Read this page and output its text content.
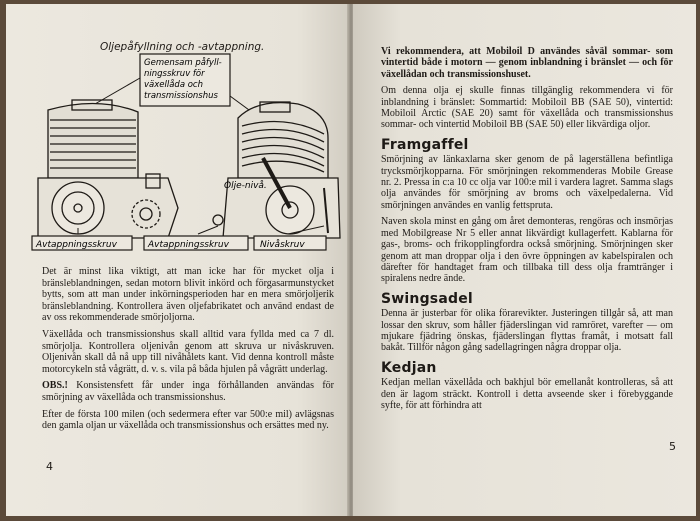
Oljepåfyllning och -avtappning.
Gemensam påfyll-
ningsskruv för
växellåda och
transmissionshus
Olje-nivå.
Avtappningsskruv	Avtappningsskruv	Nivåskruv

Det är minst lika viktigt, att man icke har för mycket olja i bränsleblandningen, sedan motorn blivit inkörd och förgasarmunstycket bytts, som att man under inkörningsperioden har en mera smörjoljerik bränsleblandning. Kontrollera även oljefabrikatet och använd endast de av oss rekommenderade smörjoljorna.

Växellåda och transmissionshus skall alltid vara fyllda med ca 7 dl. smörjolja. Kontrollera oljenivån genom att skruva ur nivåskruven. Oljenivån skall då nå upp till nivåhålets kant. Vid denna kontroll måste motorcykeln stå vågrätt, d. v. s. vila på båda hjulen på vågrätt underlag.

OBS.! Konsistensfett får under inga förhållanden användas för smörjning av växellåda och transmissionshus.

Efter de första 100 milen (och sedermera efter var 500:e mil) avlägsnas den gamla oljan ur växellåda och transmissionshus och ersättes med ny.

4

Vi rekommendera, att Mobiloil D användes såväl sommar- som vintertid både i motorn — genom inblandning i bränslet — och för växellådan och transmissionshuset.

Om denna olja ej skulle finnas tillgänglig rekommendera vi för inblandning i bränslet: Sommartid: Mobiloil BB (SAE 50), vintertid: Mobiloil Arctic (SAE 20) samt för växellåda och transmissionshus sommar- och vintertid Mobiloil BB (SAE 50) eller likvärdiga oljor.

Framgaffel

Smörjning av länkaxlarna sker genom de på lagerställena befintliga trycksmörjkopparna. För smörjningen rekommenderas Mobile Grease nr. 2. Pressa in c:a 10 cc olja var 100:e mil i vardera lagret. Samma slags olja användes för smörjning av broms och växelpedalerna. Vid smörjningen användes en vanlig fettspruta.

Naven skola minst en gång om året demonteras, rengöras och insmörjas med Mobilgrease Nr 5 eller annat likvärdigt kullagerfett. Kablarna för gas-, broms- och frikopplingfordra också smörjning. Smörjningen sker genom att man droppar olja i den övre öppningen av kabelspiralen och därefter för handtaget fram och tillbaka till dess olja framtränger i spiralens nedre ände.

Swingsadel

Denna är justerbar för olika förarevikter. Justeringen tillgår så, att man lossar den skruv, som håller fjäderslingan vid ramröret, varefter — om mjukare fjädring önskas, fjäderslingan flyttas framåt, i motsatt fall bakåt. Tillför någon gång sadellagringen några droppar olja.

Kedjan

Kedjan mellan växellåda och bakhjul bör emellanåt kontrolleras, så att den är lagom sträckt. Kontroll i detta avseende sker i förebyggande syfte, för att förhindra att

5
